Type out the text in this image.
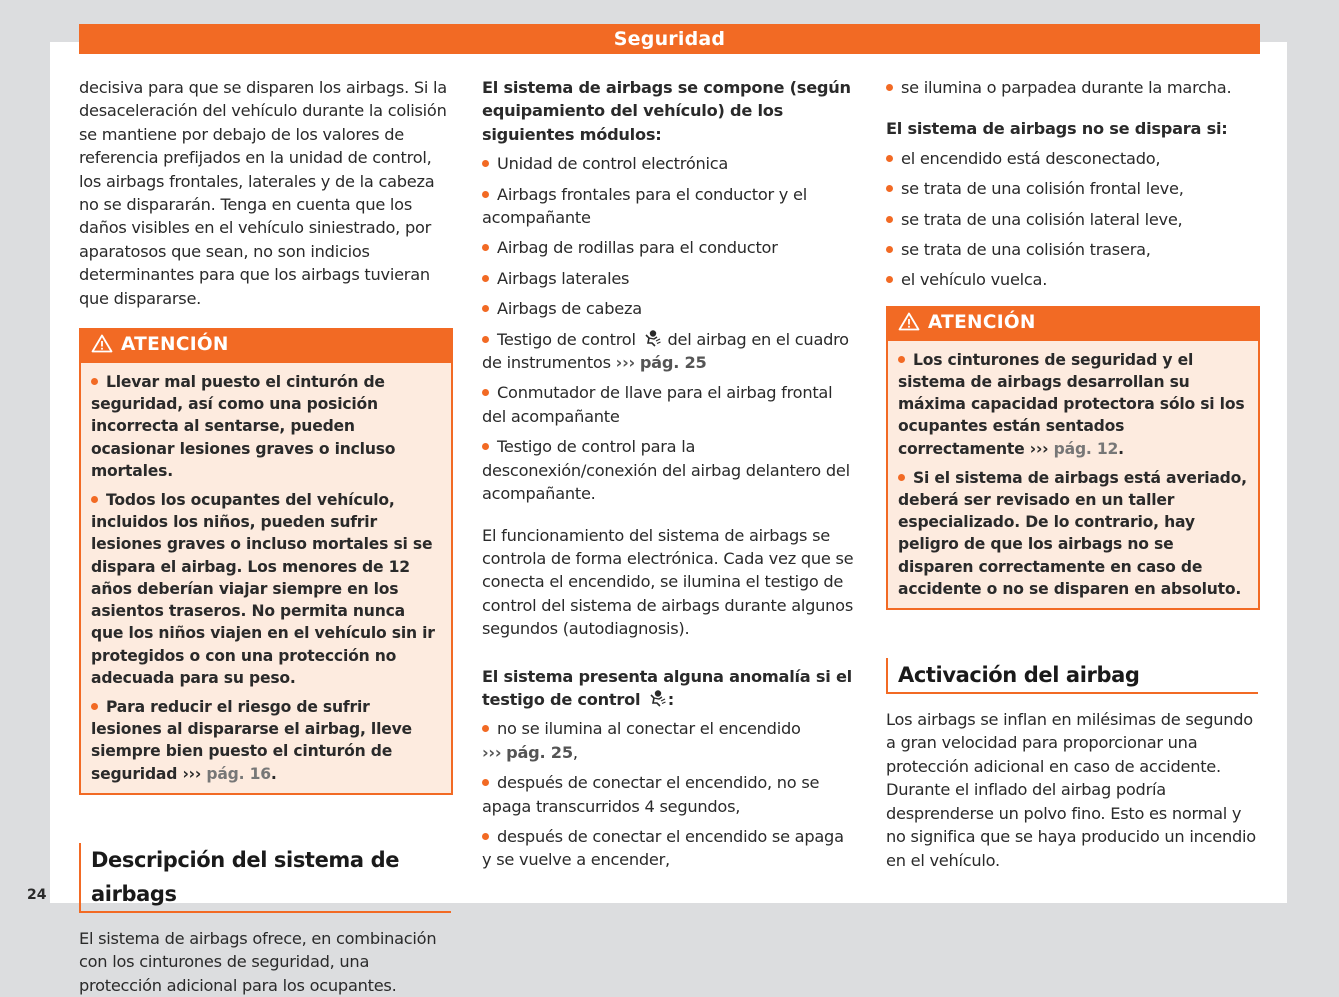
Seguridad
24

decisiva para que se disparen los airbags. Si la desaceleración del vehículo durante la colisión se mantiene por debajo de los valores de referencia prefijados en la unidad de control, los airbags frontales, laterales y de la cabeza no se dispararán. Tenga en cuenta que los daños visibles en el vehículo siniestrado, por aparatosos que sean, no son indicios determinantes para que los airbags tuvieran que dispararse.

ATENCIÓN

Llevar mal puesto el cinturón de seguridad, así como una posición incorrecta al sentarse, pueden ocasionar lesiones graves o incluso mortales.

Todos los ocupantes del vehículo, incluidos los niños, pueden sufrir lesiones graves o incluso mortales si se dispara el airbag. Los menores de 12 años deberían viajar siempre en los asientos traseros. No permita nunca que los niños viajen en el vehículo sin ir protegidos o con una protección no adecuada para su peso.

Para reducir el riesgo de sufrir lesiones al dispararse el airbag, lleve siempre bien puesto el cinturón de seguridad ››› pág. 16.

Descripción del sistema de airbags

El sistema de airbags ofrece, en combinación con los cinturones de seguridad, una protección adicional para los ocupantes.

El sistema de airbags se compone (según equipamiento del vehículo) de los siguientes módulos:

Unidad de control electrónica

Airbags frontales para el conductor y el acompañante

Airbag de rodillas para el conductor

Airbags laterales

Airbags de cabeza

Testigo de control del airbag en el cuadro de instrumentos ››› pág. 25

Conmutador de llave para el airbag frontal del acompañante

Testigo de control para la desconexión/conexión del airbag delantero del acompañante.

El funcionamiento del sistema de airbags se controla de forma electrónica. Cada vez que se conecta el encendido, se ilumina el testigo de control del sistema de airbags durante algunos segundos (autodiagnosis).

El sistema presenta alguna anomalía si el testigo de control :

no se ilumina al conectar el encendido
››› pág. 25,

después de conectar el encendido, no se apaga transcurridos 4 segundos,

después de conectar el encendido se apaga y se vuelve a encender,

se ilumina o parpadea durante la marcha.

El sistema de airbags no se dispara si:

el encendido está desconectado,

se trata de una colisión frontal leve,

se trata de una colisión lateral leve,

se trata de una colisión trasera,

el vehículo vuelca.

ATENCIÓN

Los cinturones de seguridad y el sistema de airbags desarrollan su máxima capacidad protectora sólo si los ocupantes están sentados correctamente ››› pág. 12.

Si el sistema de airbags está averiado, deberá ser revisado en un taller especializado. De lo contrario, hay peligro de que los airbags no se disparen correctamente en caso de accidente o no se disparen en absoluto.

Activación del airbag

Los airbags se inflan en milésimas de segundo a gran velocidad para proporcionar una protección adicional en caso de accidente. Durante el inflado del airbag podría desprenderse un polvo fino. Esto es normal y no significa que se haya producido un incendio en el vehículo.
